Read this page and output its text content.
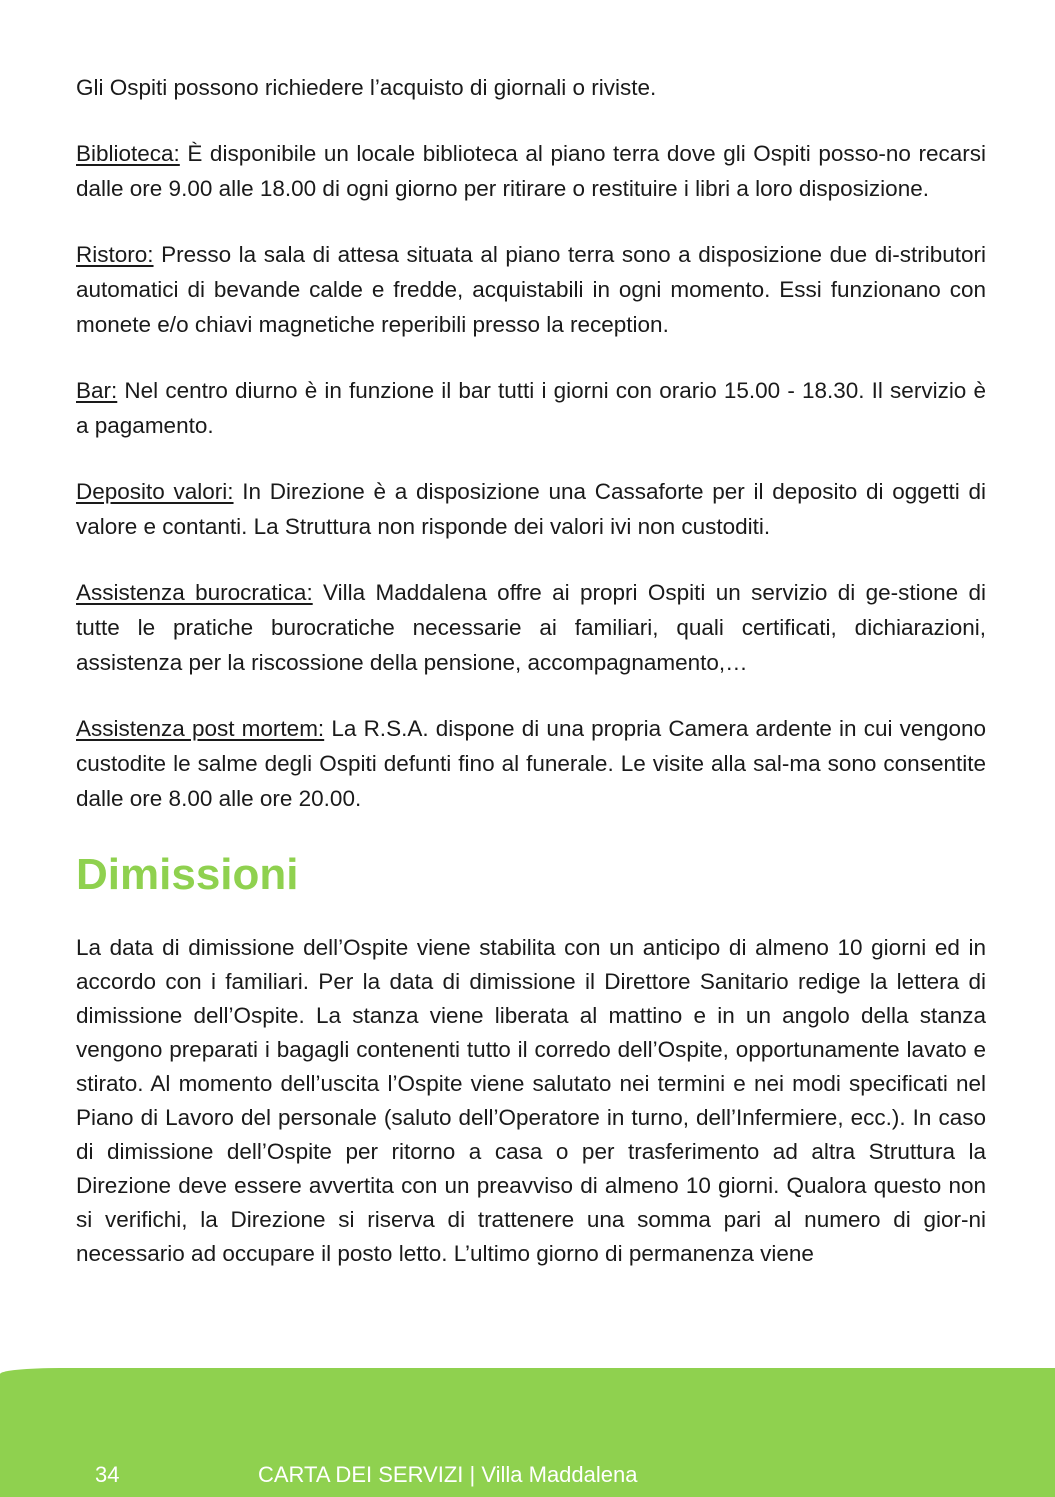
Gli Ospiti possono richiedere l’acquisto di giornali o riviste.

Biblioteca: È disponibile un locale biblioteca al piano terra dove gli Ospiti posso-no recarsi dalle ore 9.00 alle 18.00 di ogni giorno per ritirare o restituire i libri a loro disposizione.

Ristoro: Presso la sala di attesa situata al piano terra sono a disposizione due di-stributori automatici di bevande calde e fredde, acquistabili in ogni momento. Essi funzionano con monete e/o chiavi magnetiche reperibili presso la reception.

Bar: Nel centro diurno è in funzione il bar tutti i giorni con orario 15.00 - 18.30. Il servizio è a pagamento.

Deposito valori: In Direzione è a disposizione una Cassaforte per il deposito di oggetti di valore e contanti. La Struttura non risponde dei valori ivi non custoditi.

Assistenza burocratica: Villa Maddalena offre ai propri Ospiti un servizio di ge-stione di tutte le pratiche burocratiche necessarie ai familiari, quali certificati, dichiarazioni, assistenza per la riscossione della pensione, accompagnamento,…

Assistenza post mortem: La R.S.A. dispone di una propria Camera ardente in cui vengono custodite le salme degli Ospiti defunti fino al funerale. Le visite alla sal-ma sono consentite dalle ore 8.00 alle ore 20.00.

Dimissioni

La data di dimissione dell’Ospite viene stabilita con un anticipo di almeno 10 giorni ed in accordo con i familiari. Per la data di dimissione il Direttore Sanitario redige la lettera di dimissione dell’Ospite. La stanza viene liberata al mattino e in un angolo della stanza vengono preparati i bagagli contenenti tutto il corredo dell’Ospite, opportunamente lavato e stirato. Al momento dell’uscita l’Ospite viene salutato nei termini e nei modi specificati nel Piano di Lavoro del personale (saluto dell’Operatore in turno, dell’Infermiere, ecc.). In caso di dimissione dell’Ospite per ritorno a casa o per trasferimento ad altra Struttura la Direzione deve essere avvertita con un preavviso di almeno 10 giorni. Qualora questo non si verifichi, la Direzione si riserva di trattenere una somma pari al numero di gior-ni necessario ad occupare il posto letto. L’ultimo giorno di permanenza viene

34	CARTA DEI SERVIZI | Villa Maddalena
